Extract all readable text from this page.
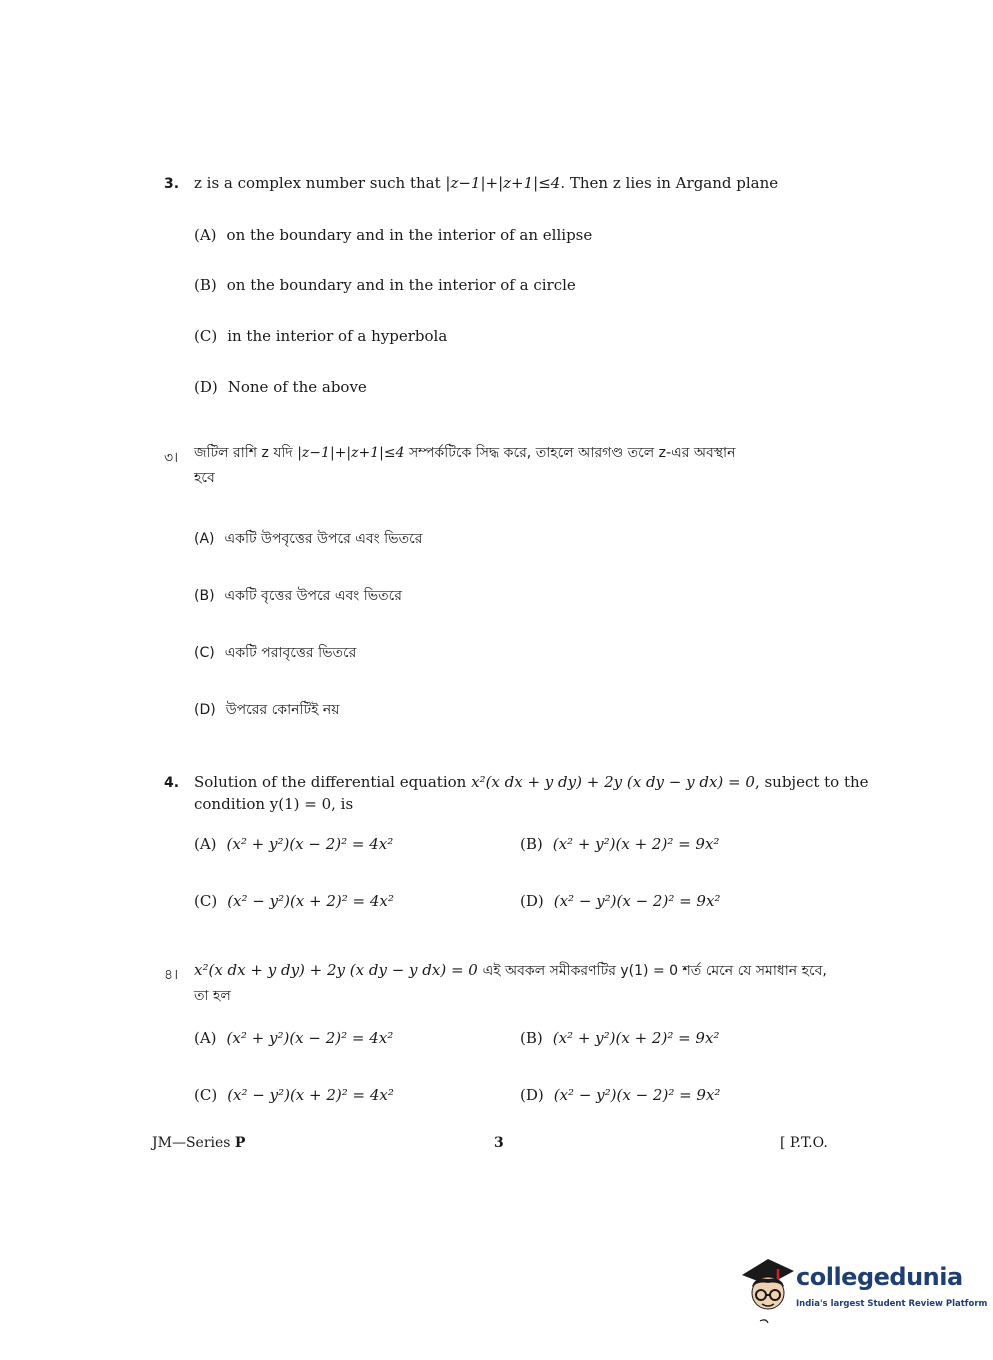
3. z is a complex number such that |z−1|+|z+1|≤4. Then z lies in Argand plane
(A) on the boundary and in the interior of an ellipse
(B) on the boundary and in the interior of a circle
(C) in the interior of a hyperbola
(D) None of the above
৩। জটিল রাশি z যদি |z−1|+|z+1|≤4 সম্পর্কটিকে সিদ্ধ করে, তাহলে আরগণ্ড তলে z-এর অবস্থান
হবে
(A) একটি উপবৃত্তের উপরে এবং ভিতরে
(B) একটি বৃত্তের উপরে এবং ভিতরে
(C) একটি পরাবৃত্তের ভিতরে
(D) উপরের কোনটিই নয়
4. Solution of the differential equation x²(x dx + y dy) + 2y (x dy − y dx) = 0, subject to the
condition y(1) = 0, is
(A) (x² + y²)(x − 2)² = 4x²	(B) (x² + y²)(x + 2)² = 9x²
(C) (x² − y²)(x + 2)² = 4x²	(D) (x² − y²)(x − 2)² = 9x²
৪। x²(x dx + y dy) + 2y (x dy − y dx) = 0 এই অবকল সমীকরণটির y(1) = 0 শর্ত মেনে যে সমাধান হবে,
তা হল
(A) (x² + y²)(x − 2)² = 4x²	(B) (x² + y²)(x + 2)² = 9x²
(C) (x² − y²)(x + 2)² = 4x²	(D) (x² − y²)(x − 2)² = 9x²
JM—Series P	3	[ P.T.O.
collegedunia
India's largest Student Review Platform
